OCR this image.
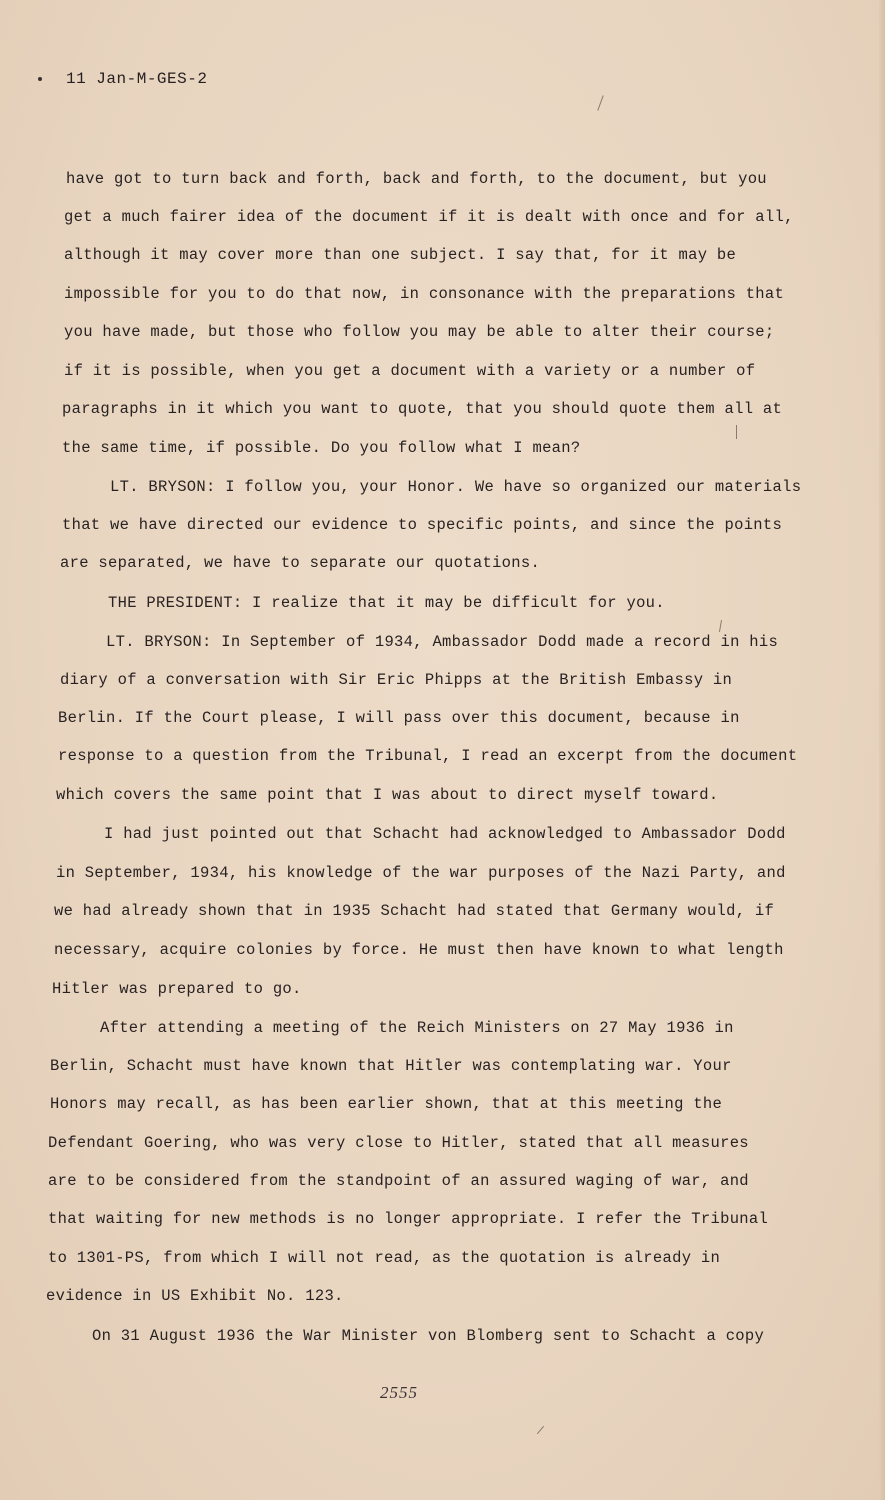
11 Jan-M-GES-2
have got to turn back and forth, back and forth, to the document, but you
get a much fairer idea of the document if it is dealt with once and for all,
although it may cover more than one subject. I say that, for it may be
impossible for you to do that now, in consonance with the preparations that
you have made, but those who follow you may be able to alter their course;
if it is possible, when you get a document with a variety or a number of
paragraphs in it which you want to quote, that you should quote them all at
the same time, if possible. Do you follow what I mean?
LT. BRYSON: I follow you, your Honor. We have so organized our materials
that we have directed our evidence to specific points, and since the points
are separated, we have to separate our quotations.
THE PRESIDENT: I realize that it may be difficult for you.
LT. BRYSON: In September of 1934, Ambassador Dodd made a record in his
diary of a conversation with Sir Eric Phipps at the British Embassy in
Berlin. If the Court please, I will pass over this document, because in
response to a question from the Tribunal, I read an excerpt from the document
which covers the same point that I was about to direct myself toward.
I had just pointed out that Schacht had acknowledged to Ambassador Dodd
in September, 1934, his knowledge of the war purposes of the Nazi Party, and
we had already shown that in 1935 Schacht had stated that Germany would, if
necessary, acquire colonies by force. He must then have known to what length
Hitler was prepared to go.
After attending a meeting of the Reich Ministers on 27 May 1936 in
Berlin, Schacht must have known that Hitler was contemplating war. Your
Honors may recall, as has been earlier shown, that at this meeting the
Defendant Goering, who was very close to Hitler, stated that all measures
are to be considered from the standpoint of an assured waging of war, and
that waiting for new methods is no longer appropriate. I refer the Tribunal
to 1301-PS, from which I will not read, as the quotation is already in
evidence in US Exhibit No. 123.
On 31 August 1936 the War Minister von Blomberg sent to Schacht a copy
2555
